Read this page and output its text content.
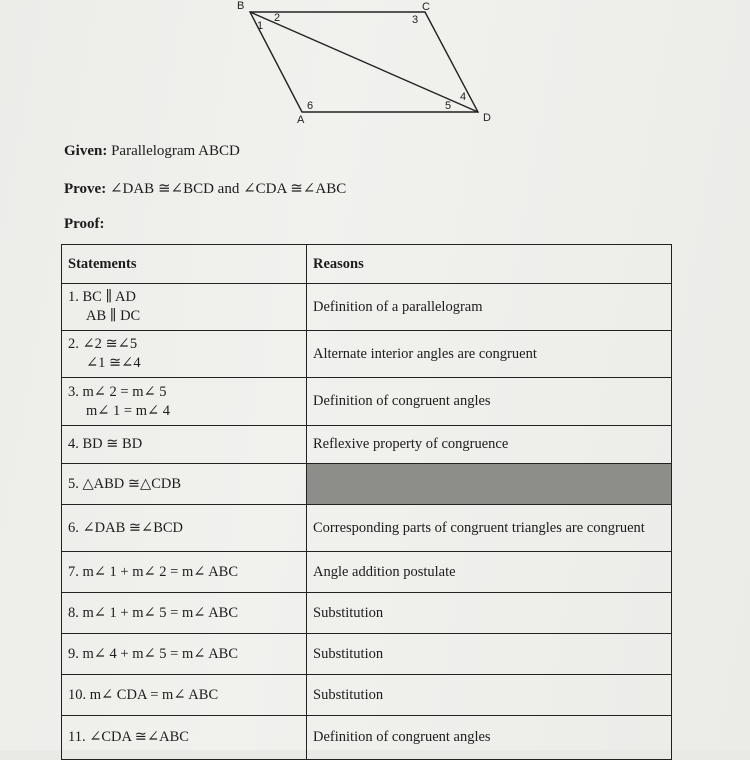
B	C
A	D
1
2	3
4
5
6
Given: Parallelogram ABCD
Prove: ∠DAB ≅∠BCD and ∠CDA ≅∠ABC
Proof:
Statements	Reasons

1. BC ∥ AD
AB ∥ DC	Definition of a parallelogram

2. ∠2 ≅∠5
∠1 ≅∠4	Alternate interior angles are congruent

3. m∠ 2 = m∠ 5
m∠ 1 = m∠ 4	Definition of congruent angles
4. BD ≅ BD	Reflexive property of congruence
5. △ABD ≅△CDB	
6. ∠DAB ≅∠BCD	Corresponding parts of congruent triangles are congruent
7. m∠ 1 + m∠ 2 = m∠ ABC	Angle addition postulate
8. m∠ 1 + m∠ 5 = m∠ ABC	Substitution
9. m∠ 4 + m∠ 5 = m∠ ABC	Substitution
10. m∠ CDA = m∠ ABC	Substitution
11. ∠CDA ≅∠ABC	Definition of congruent angles
